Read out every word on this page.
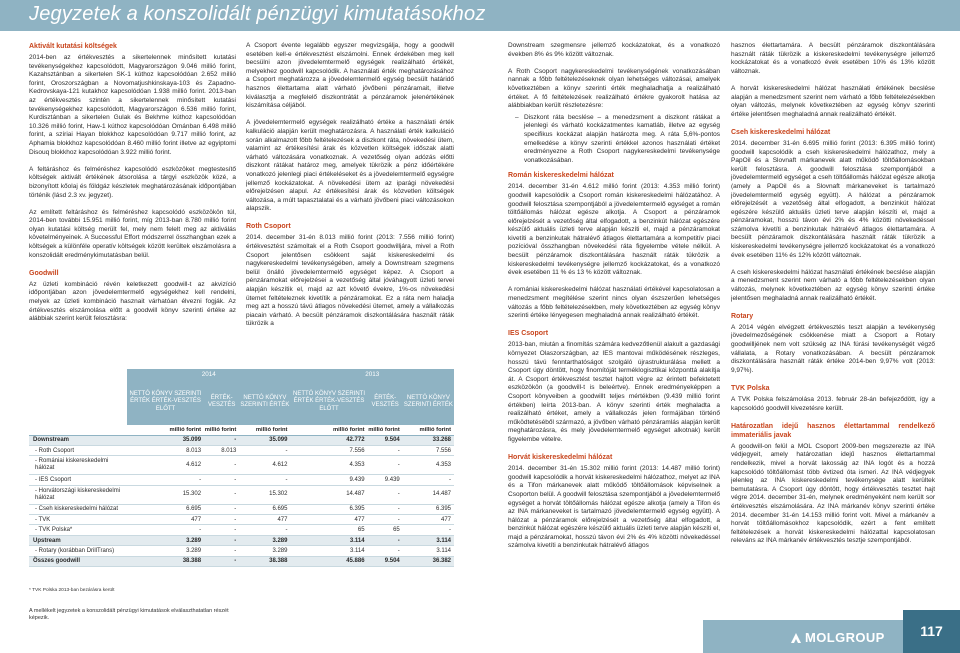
Jegyzetek a konszolidált pénzügyi kimutatásokhoz
Aktivált kutatási költségek

2014-ben az értékvesztés a sikertelennek minősített kutatási tevékenységekhez kapcsolódott, Magyarországon 9.046 millió forint, Kazahsztánban a sikertelen SK-1 kúthoz kapcsolódóan 2.652 millió forint, Oroszországban a Novomatjushkinskaya-103 és Zapadno-Kedrovskaya-121 kutakhoz kapcsolódóan 1.938 millió forint. 2013-ban az értékvesztés szintén a sikertelennek minősített kutatási tevékenységekhez kapcsolódott, Magyarországon 6.536 millió forint, Kurdisztánban a sikertelen Gulak és Bekhme kúthoz kapcsolódóan 10.326 millió forint, Haw-1 kúthoz kapcsolódóan Ománban 6.498 millió forint, a szíriai Hayan blokkhoz kapcsolódóan 9.717 millió forint, az Aphamia blokkhoz kapcsolódóan 8.460 millió forint illetve az egyiptomi Disouq blokkhoz kapcsolódóan 3.922 millió forint.

A feltáráshoz és felméréshez kapcsolódó eszközöket megtestesítő költségek aktivált értékének átsorolása a tárgyi eszközök közé, a bizonyított kőolaj és földgáz készletek meghatározásának időpontjában történik (lásd 2.3 xv. jegyzet).

Az említett feltáráshoz és felméréshez kapcsolódó eszközökön túl, 2014-ben további 15.951 millió forint, míg 2013-ban 8.780 millió forint olyan kutatási költség merült fel, mely nem felelt meg az aktiválás követelményeinek. A Successful Effort módszerrel összhangban ezek a költségek a különféle operatív költségek között kerültek elszámolásra a konszolidált eredménykimutatásban belül.

Goodwill

Az üzleti kombináció révén keletkezett goodwill-t az akvizíció időpontjában azon jövedelemtermelő egységekhez kell rendelni, melyek az üzleti kombináció hasznait várhatóan élvezni fogják. Az értékvesztés elszámolása előtt a goodwill könyv szerinti értéke az alábbiak szerint került felosztásra:

A Csoport évente legalább egyszer megvizsgálja, hogy a goodwill esetében kell-e értékvesztést elszámolni. Ennek érdekében meg kell becsülni azon jövedelemtermelő egységek realizálható értékét, melyekhez goodwill kapcsolódik. A használati érték meghatározásához a Csoport meghatározza a jövedelemtermelő egység becsült határidő hasznos élettartama alatt várható jövőbeni pénzáramait, illetve kiválasztja a megfelelő diszkontrátát a pénzáramok jelenértékének kiszámítása céljából.

A jövedelemtermelő egységek realizálható értéke a használati érték kalkuláció alapján került meghatározásra. A használati érték kalkuláció során alkalmazott főbb feltételezések a diszkont ráta, növekedési ütem, valamint az értékesítési árak és közvetlen költségek időszak alatti várható változására vonatkoznak. A vezetőség olyan adózás előtti diszkont rátákat határoz meg, amelyek tükrözik a pénz időértékére vonatkozó jelenlegi piaci értékeléseket és a jövedelemtermelő egységre jellemző kockázatokat. A növekedési ütem az iparági növekedési előrejelzésen alapul. Az értékesítési árak és közvetlen költségek változása, a múlt tapasztalatai és a várható jövőbeni piaci változásokon alapszik.

Roth Csoport

2014. december 31-én 8.013 millió forint (2013: 7.556 millió forint) értékvesztést számoltak el a Roth Csoport goodwilljára, mivel a Roth Csoport jelentősen csökkent saját kiskereskedelmi és nagykereskedelmi tevékenységében, amely a Downstream szegmens belül önálló jövedelemtermelő egységet képez. A Csoport a pénzáramokat előrejelzései a vezetőség által jóváhagyott üzleti tervei alapján készítik el, majd az azt követő évekre, 1%-os növekedési ütemet feltételeznek kivetítik a pénzáramokat. Ez a ráta nem haladja meg azt a hosszú távú átlagos növekedési ütemet, amely a vállalkozás piacain várható. A becsült pénzáramok diszkontálására használt ráták tükrözik a

Downstream szegmensre jellemző kockázatokat, és a vonatkozó években 8% és 9% között változnak.

A Roth Csoport nagykereskedelmi tevékenységének vonatkozásában nannak a főbb feltételezéseknek olyan lehetséges változásai, amelyek következtében a könyv szerinti érték meghaladhatja a realizálható értéket. A fő feltételezések realizálható értékre gyakorolt hatása az alábbiakban került részletezésre:

– Diszkont ráta becslése – a menedzsment a diszkont rátákat a jelenlegi és várható kockázatmentes kamatláb, illetve az egység specifikus kockázat alapján határozta meg. A ráta 5,6%-pontos emelkedése a könyv szerinti értékkel azonos használati értéket eredményezne a Roth Csoport nagykereskedelmi tevékenysége vonatkozásában.

Román kiskereskedelmi hálózat

2014. december 31-én 4.612 millió forint (2013: 4.353 millió forint) goodwill kapcsolódik a Csoport román kiskereskedelmi hálózatához. A goodwill felosztása szempontjából a jövedelemtermelő egységet a román töltőállomás hálózat egésze alkotja. A Csoport a pénzáramok előrejelzését a vezetőség által elfogadott, a benzinkút hálózat egészére készülő aktuális üzleti terve alapján készíti el, majd a pénzáramokat kivetíti a benzinkutak hátralévő átlagos élettartamára a kompetitív piaci pozícióval összhangban növekedési ráta figyelembe vétele nélkül. A becsült pénzáramok diszkontálására használt ráták tükrözik a kiskereskedelmi tevékenységre jellemző kockázatokat, és a vonatkozó évek esetében 11 % és 13 % között változnak.

A romániai kiskereskedelmi hálózat használati értékével kapcsolatosan a menedzsment megítélése szerint nincs olyan észszerűen lehetséges változás a főbb feltételezésekben, mely következtében az egység könyv szerinti értéke lényegesen meghaladná annak realizálható értékét.

IES Csoport

2013-ban, miután a finomítás számára kedvezőtlenül alakult a gazdasági környezet Olaszországban, az IES mantovai működésének részleges, hosszú távú fenntarthatóságot szolgáló újrastrukturálása mellett a Csoport úgy döntött, hogy finomítóját terméklogisztikai központtá alakítja át. A Csoport értékvesztést tesztet hajtott végre az érintett befektetett eszközökön (a goodwill-t is beleértve). Ennek eredményeképpen a Csoport könyveiben a goodwillt teljes mértékben (9.439 millió forint értékben) leírta 2013-ban. A könyv szerinti érték meghaladta a realizálható értéket, amely a vállalkozás jelen formájában történő működtetéséből származó, a jövőben várható pénzáramlás alapján került meghatározásra, és mely jövedelemtermelő egységet alkotnak) került figyelembe vételre.

Horvát kiskereskedelmi hálózat

2014. december 31-én 15.302 millió forint (2013: 14.487 millió forint) goodwill kapcsolódik a horvát kiskereskedelmi hálózathoz, melyet az INA és a Tifon márkanevek alatt működő töltőállomások képviselnek a Csoporton belül. A goodwill felosztása szempontjából a jövedelemtermelő egységet a horvát töltőállomás hálózat egésze alkotja (amely a Tifon és az INA márkaneveket is tartalmazó jövedelemtermelő egység együtt). A hálózat a pénzáramok előrejelzését a vezetőség által elfogadott, a benzinkút hálózat egészére készülő aktuális üzleti terve alapján készíti el, majd a pénzáramokat, hosszú távon évi 2% és 4% közötti növekedéssel számolva kivetíti a benzinkutak hátralévő átlagos

hasznos élettartamára. A becsült pénzáramok diszkontálására használt ráták tükrözik a kiskereskedelmi tevékenységre jellemző kockázatokat és a vonatkozó évek esetében 10% és 13% között változnak.

A horvát kiskereskedelmi hálózat használati értékének becslése alapján a menedzsment szerint nem várható a főbb feltételezésekben olyan változás, melynek következtében az egység könyv szerinti értéke jelentősen meghaladná annak realizálható értékét.

Cseh kiskereskedelmi hálózat

2014. december 31-én 6.695 millió forint (2013: 6.395 millió forint) goodwill kapcsolódik a cseh kiskereskedelmi hálózathoz, mely a PapOil és a Slovnaft márkanevek alatt működő töltőállomásokban került felosztásra. A goodwill felosztása szempontjából a jövedelemtermelő egységet a cseh töltőállomás hálózat egésze alkotja (amely a PapOil és a Slovnaft márkaneveket is tartalmazó jövedelemtermelő egység együtt). A hálózat a pénzáramok előrejelzését a vezetőség által elfogadott, a benzinkút hálózat egészére készülő aktuális üzleti terve alapján készíti el, majd a pénzáramokat, hosszú távon évi 2% és 4% közötti növekedéssel számolva kivetíti a benzinkutak hátralévő átlagos élettartamára. A becsült pénzáramok diszkontálására használt ráták tükrözik a kiskereskedelmi tevékenységre jellemző kockázatokat és a vonatkozó évek esetében 11% és 12% között változnak.

A cseh kiskereskedelmi hálózat használati értékének becslése alapján a menedzsment szerint nem várható a főbb feltételezésekben olyan változás, melynek következtében az egység könyv szerinti értéke jelentősen meghaladná annak realizálható értékét.

Rotary

A 2014 végén elvégzett értékvesztés teszt alapján a tevékenység jövedelmezőségének csökkenése miatt a Csoport a Rotary goodwilljének nem volt szükség az INA fúrási tevékenységét végző vállalata, a Rotary vonatkozásában. A becsült pénzáramok diszkontálására használt ráták értéke 2014-ben 9,97% volt (2013: 9,97%).

TVK Polska

A TVK Polska felszámolása 2013. február 28-án befejeződött, így a kapcsolódó goodwill kivezetésre került.

Határozatlan idejű hasznos élettartammal rendelkező immateriális javak

A goodwill-on felül a MOL Csoport 2009-ben megszerezte az INA védjegyeit, amely határozatlan idejű hasznos élettartammal rendelkezik, mivel a horvát lakosság az INA logót és a hozzá kapcsolódó töltőállomást több évtized óta ismeri. Az INA védjegyek jelenleg az INA kiskereskedelmi tevékenysége alatt kerültek bemutatásra. A Csoport úgy döntött, hogy értékvesztés tesztet hajt végre 2014. december 31-én, melynek eredményeként nem került sor értékvesztés elszámolására. Az INA márkanév könyv szerinti értéke 2014. december 31-én 14.153 millió forint volt. Mivel a márkanév a horvát töltőállomásokhoz kapcsolódik, ezért a fent említett feltételezések a horvát kiskereskedelmi hálózattal kapcsolatosan releváns az INA márkanév értékvesztés tesztje szempontjából.

	2014			2013		
	NETTÓ KÖNYV SZERINTI ÉRTÉK ÉRTÉK-VESZTÉS ELŐTT	ÉRTÉK-VESZTÉS	NETTÓ KÖNYV SZERINTI ÉRTÉK	NETTÓ KÖNYV SZERINTI ÉRTÉK ÉRTÉK-VESZTÉS ELŐTT	ÉRTÉK-VESZTÉS	NETTÓ KÖNYV SZERINTI ÉRTÉK
	millió forint	millió forint	millió forint	millió forint	millió forint	millió forint
Downstream	35.099	-	35.099	42.772	9.504	33.268
- Roth Csoport	8.013	8.013	-	7.556	-	7.556
- Romániai kiskereskedelmi hálózat	4.612	-	4.612	4.353	-	4.353
- IES Csoport	-	-	-	9.439	9.439	-
- Horvátországi kiskereskedelmi hálózat	15.302	-	15.302	14.487	-	14.487
- Cseh kiskereskedelmi hálózat	6.695	-	6.695	6.395	-	6.395
- TVK	477	-	477	477	-	477
- TVK Polska*	-	-	-	65	65	-
Upstream	3.289	-	3.289	3.114	-	3.114
- Rotary (korábban DrillTrans)	3.289	-	3.289	3.114	-	3.114
Összes goodwill	38.388	-	38.388	45.886	9.504	36.382
* TVK Polska 2013-ban bezárásra került
A mellékelt jegyzetek a konszolidált pénzügyi kimutatások elválaszthatatlan részét képezik.
MOLGROUP	117
